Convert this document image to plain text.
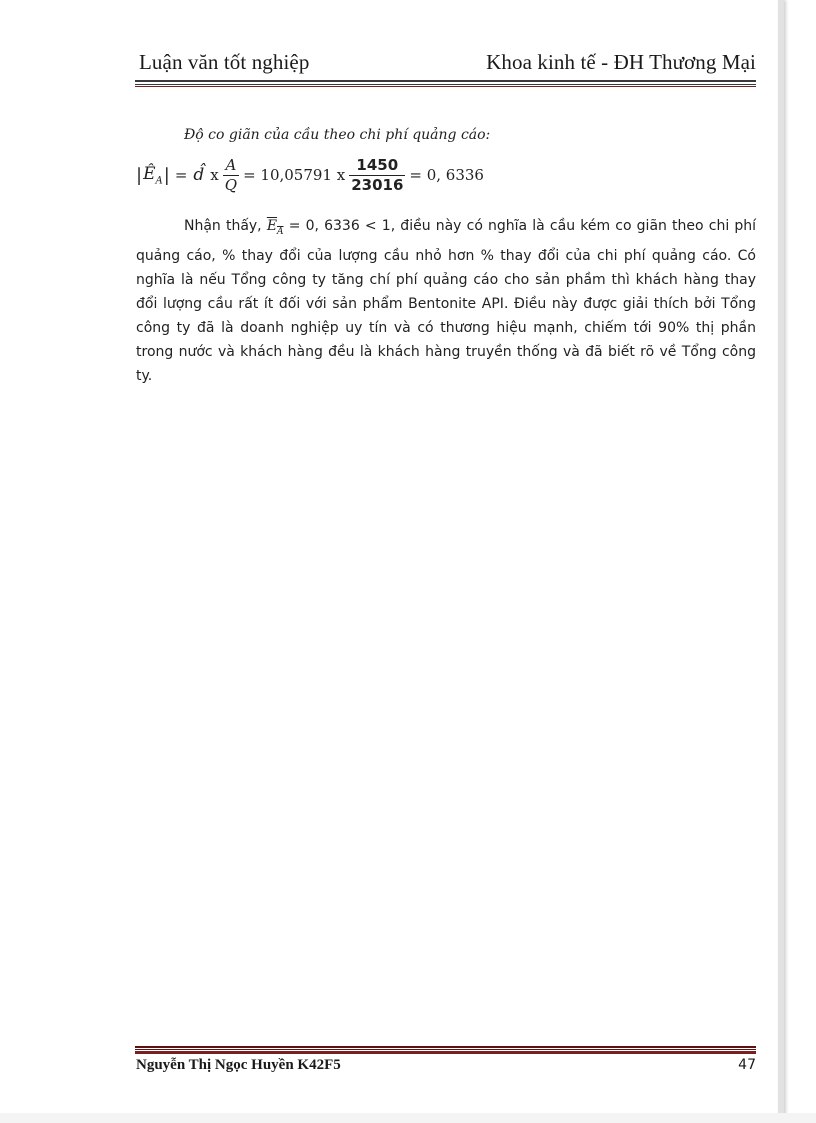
Luận văn tốt nghiệp	Khoa kinh tế - ĐH Thương Mại
Độ co giãn của cầu theo chi phí quảng cáo:
| $Ê_A$ | = d̂ x $\frac{A}{Q} = 10,05791$ x $\frac{1450}{23016} = 0$, 6336
Nhận thấy, $E_A = 0$, 6336 < 1, điều này có nghĩa là cầu kém co giãn theo chi phí quảng cáo, % thay đổi của lượng cầu nhỏ hơn % thay đổi của chi phí quảng cáo. Có nghĩa là nếu Tổng công ty tăng chí phí quảng cáo cho sản phầm thì khách hàng thay đổi lượng cầu rất ít đối với sản phẩm Bentonite API. Điều này được giải thích bởi Tổng công ty đã là doanh nghiệp uy tín và có thương hiệu mạnh, chiếm tới 90% thị phần trong nước và khách hàng đều là khách hàng truyền thống và đã biết rõ về Tổng công ty.
Nguyễn Thị Ngọc Huyền K42F5	47
